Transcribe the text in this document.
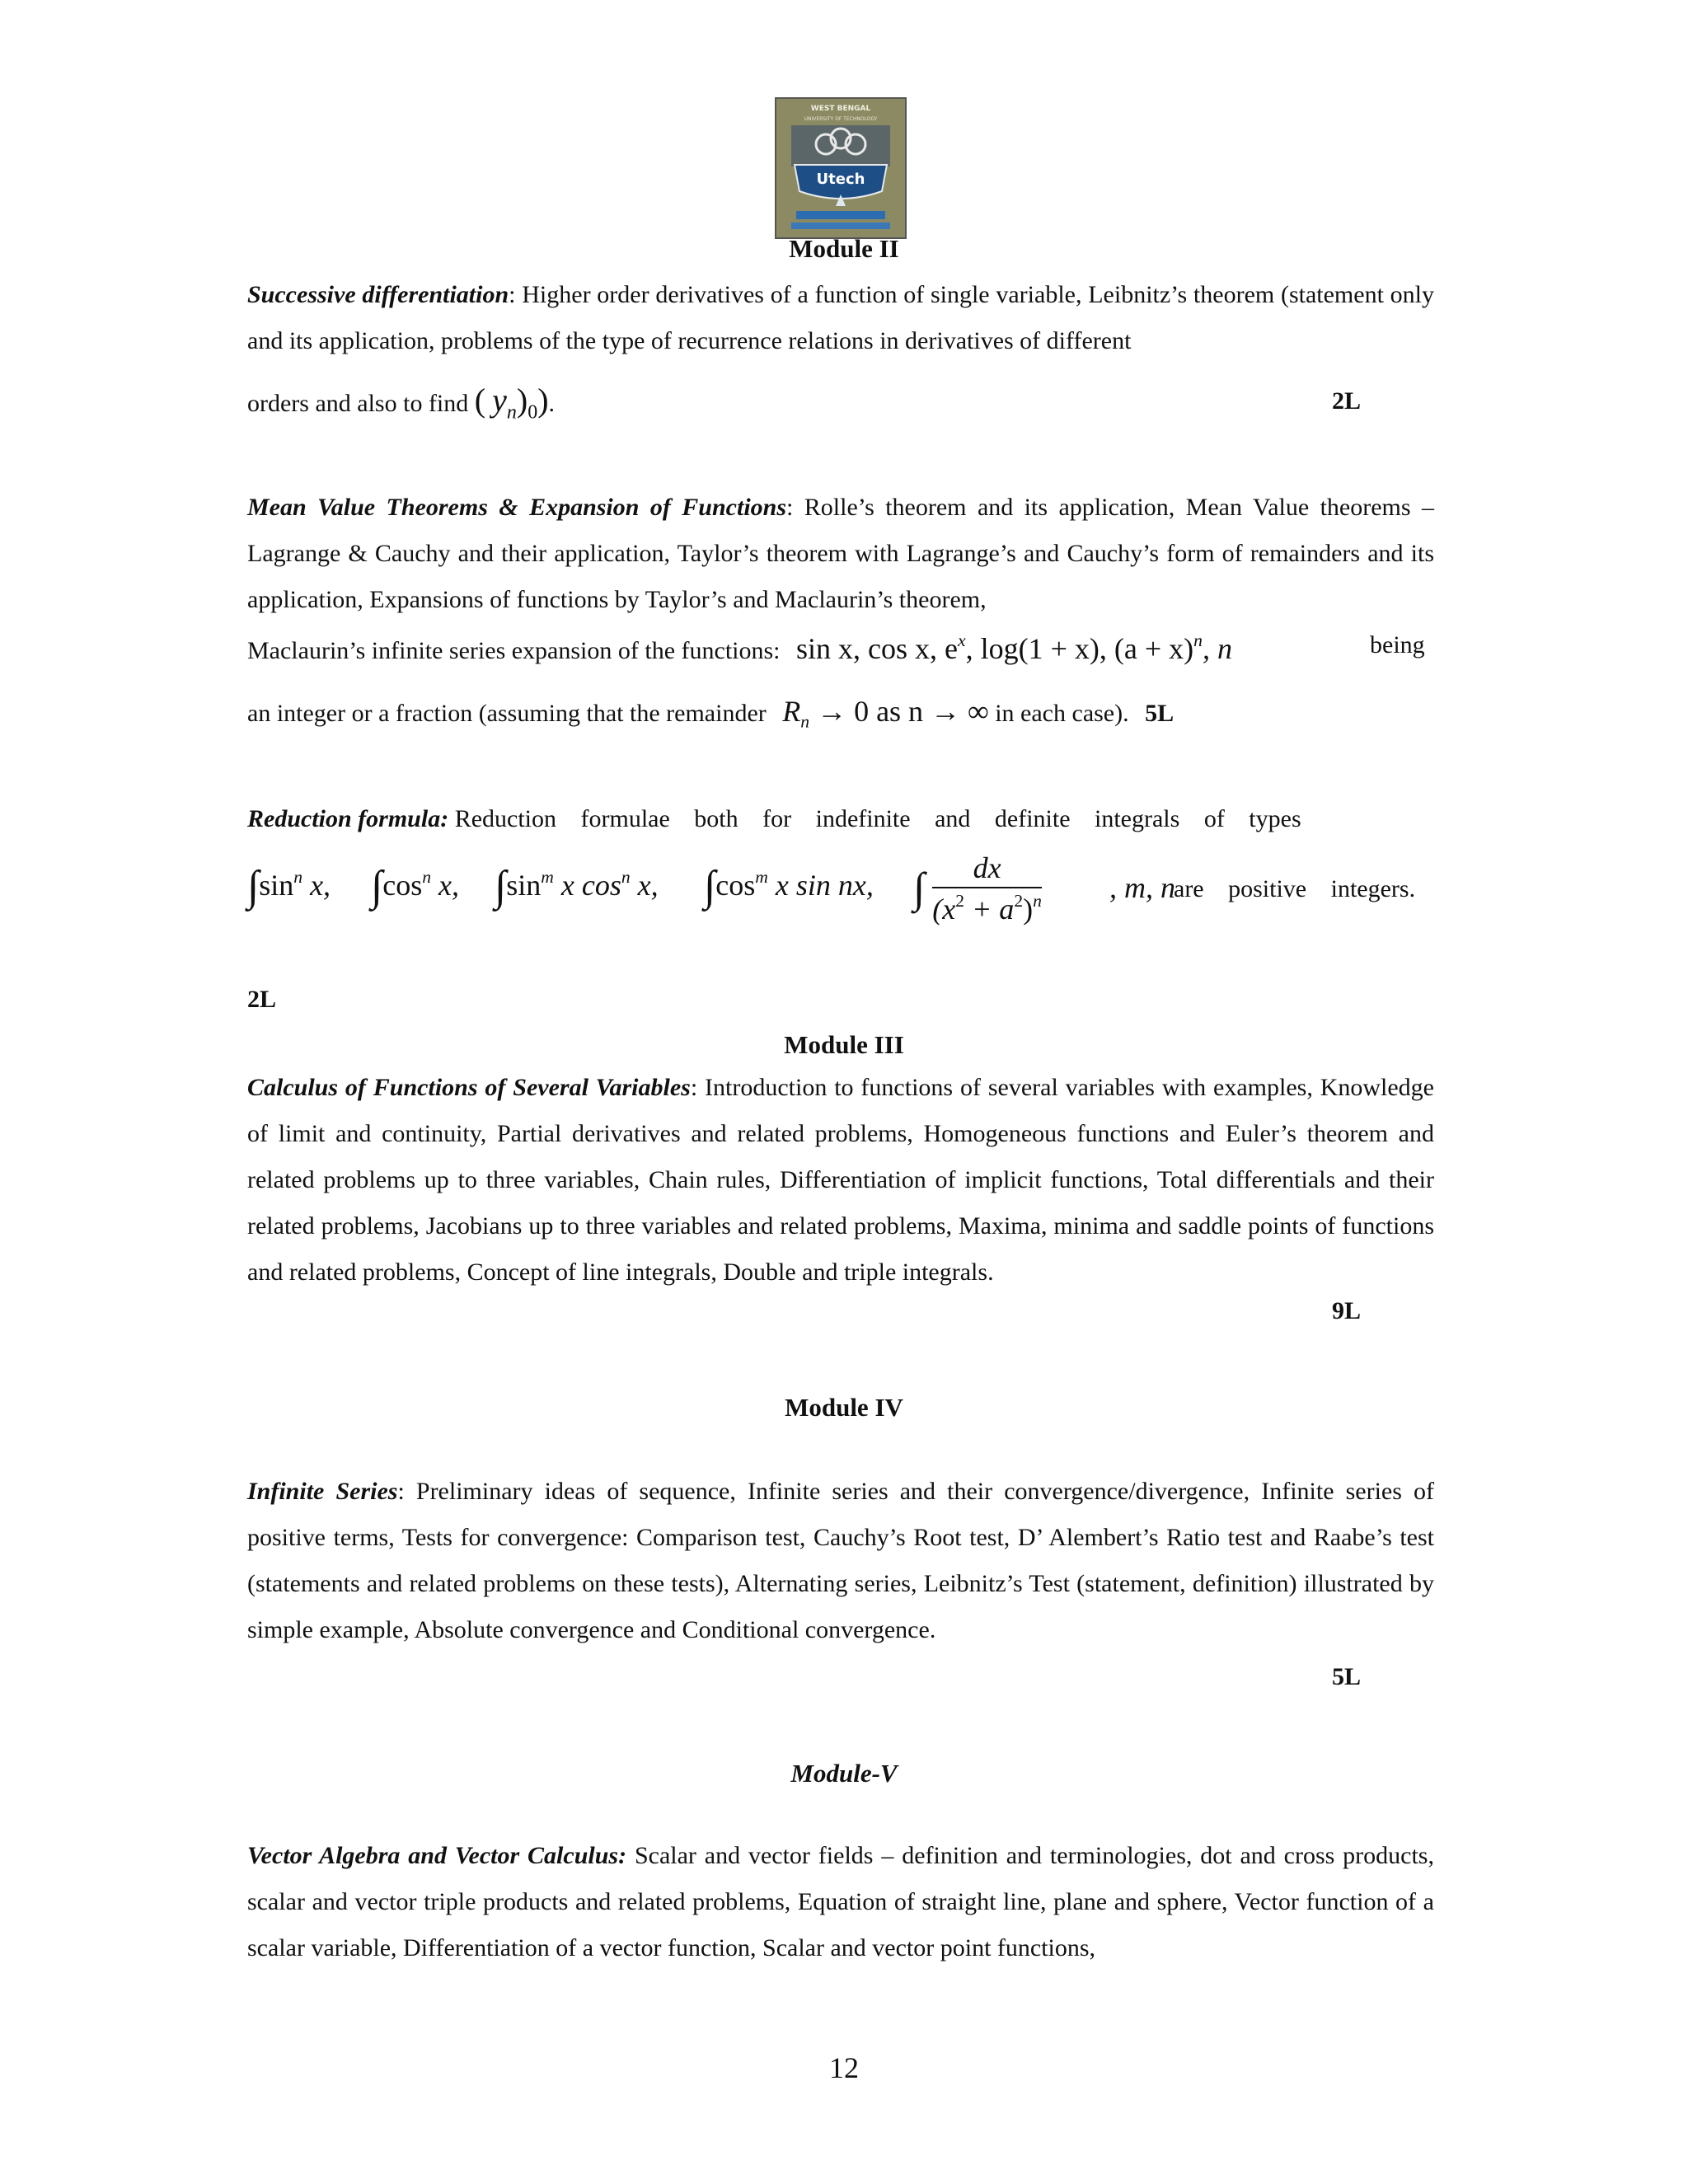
WEST BENGAL
UNIVERSITY OF TECHNOLOGY
Utech
Module II
Successive differentiation: Higher order derivatives of a function of single variable, Leibnitz’s theorem (statement only and its application, problems of the type of recurrence relations in derivatives of different
orders and also to find ( $y_n)_0$).	2L
Mean Value Theorems & Expansion of Functions: Rolle’s theorem and its application, Mean Value theorems – Lagrange & Cauchy and their application, Taylor’s theorem with Lagrange’s and Cauchy’s form of remainders and its application, Expansions of functions by Taylor’s and Maclaurin’s theorem,
Maclaurin’s infinite series expansion of the functions: sin x, cos x, $e^x$, log(1 + x), $(a + x)^n$, n	being
an integer or a fraction (assuming that the remainder $R_n \to 0$ as n → ∞ in each case). 5L
Reduction formula: Reduction formulae both for indefinite and definite integrals of types
$\int\sin^n$ x, $\int\cos^n$ x, $\int\sin^m$ x $\cos^n x$, $\int\cos^m$ x sin nx, ∫ $\frac{dx}{(x^2 + a^2)^n}$ , m, n
are positive integers.
2L
Module III
Calculus of Functions of Several Variables: Introduction to functions of several variables with examples, Knowledge of limit and continuity, Partial derivatives and related problems, Homogeneous functions and Euler’s theorem and related problems up to three variables, Chain rules, Differentiation of implicit functions, Total differentials and their related problems, Jacobians up to three variables and related problems, Maxima, minima and saddle points of functions and related problems, Concept of line integrals, Double and triple integrals.
9L
Module IV
Infinite Series: Preliminary ideas of sequence, Infinite series and their convergence/divergence, Infinite series of positive terms, Tests for convergence: Comparison test, Cauchy’s Root test, D’ Alembert’s Ratio test and Raabe’s test (statements and related problems on these tests), Alternating series, Leibnitz’s Test (statement, definition) illustrated by simple example, Absolute convergence and Conditional convergence.
5L
Module-V
Vector Algebra and Vector Calculus: Scalar and vector fields – definition and terminologies, dot and cross products, scalar and vector triple products and related problems, Equation of straight line, plane and sphere, Vector function of a scalar variable, Differentiation of a vector function, Scalar and vector point functions,
12
